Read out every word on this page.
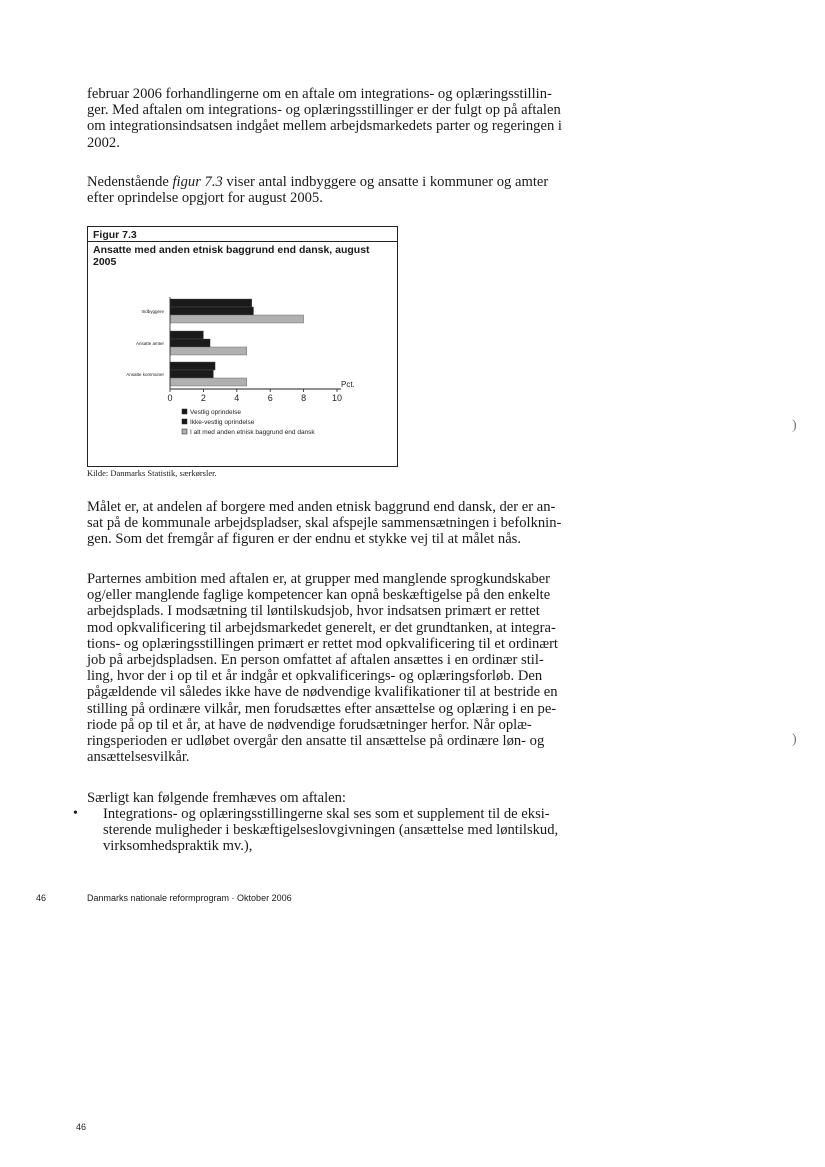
februar 2006 forhandlingerne om en aftale om integrations- og oplæringsstillin-
ger. Med aftalen om integrations- og oplæringsstillinger er der fulgt op på aftalen
om integrationsindsatsen indgået mellem arbejdsmarkedets parter og regeringen i
2002.

Nedenstående figur 7.3 viser antal indbyggere og ansatte i kommuner og amter
efter oprindelse opgjort for august 2005.

Figur 7.3
Ansatte med anden etnisk baggrund end dansk, august 2005
Indbyggere
Ansatte amter
Ansatte kommuner
0	2	4	6	8	10
Pct.
Vestlig oprindelse
Ikke-vestlig oprindelse
I alt med anden etnisk baggrund end dansk
Kilde: Danmarks Statistik, særkørsler.

Målet er, at andelen af borgere med anden etnisk baggrund end dansk, der er an-
sat på de kommunale arbejdspladser, skal afspejle sammensætningen i befolknin-
gen. Som det fremgår af figuren er der endnu et stykke vej til at målet nås.

Parternes ambition med aftalen er, at grupper med manglende sprogkundskaber
og/eller manglende faglige kompetencer kan opnå beskæftigelse på den enkelte
arbejdsplads. I modsætning til løntilskudsjob, hvor indsatsen primært er rettet
mod opkvalificering til arbejdsmarkedet generelt, er det grundtanken, at integra-
tions- og oplæringsstillingen primært er rettet mod opkvalificering til et ordinært
job på arbejdspladsen. En person omfattet af aftalen ansættes i en ordinær stil-
ling, hvor der i op til et år indgår et opkvalificerings- og oplæringsforløb. Den
pågældende vil således ikke have de nødvendige kvalifikationer til at bestride en
stilling på ordinære vilkår, men forudsættes efter ansættelse og oplæring i en pe-
riode på op til et år, at have de nødvendige forudsætninger herfor. Når oplæ-
ringsperioden er udløbet overgår den ansatte til ansættelse på ordinære løn- og
ansættelsesvilkår.

Særligt kan følgende fremhæves om aftalen:

• Integrations- og oplæringsstillingerne skal ses som et supplement til de eksi-
sterende muligheder i beskæftigelseslovgivningen (ansættelse med løntilskud,
virksomhedspraktik mv.),

46	Danmarks nationale reformprogram · Oktober 2006
46
)
)
